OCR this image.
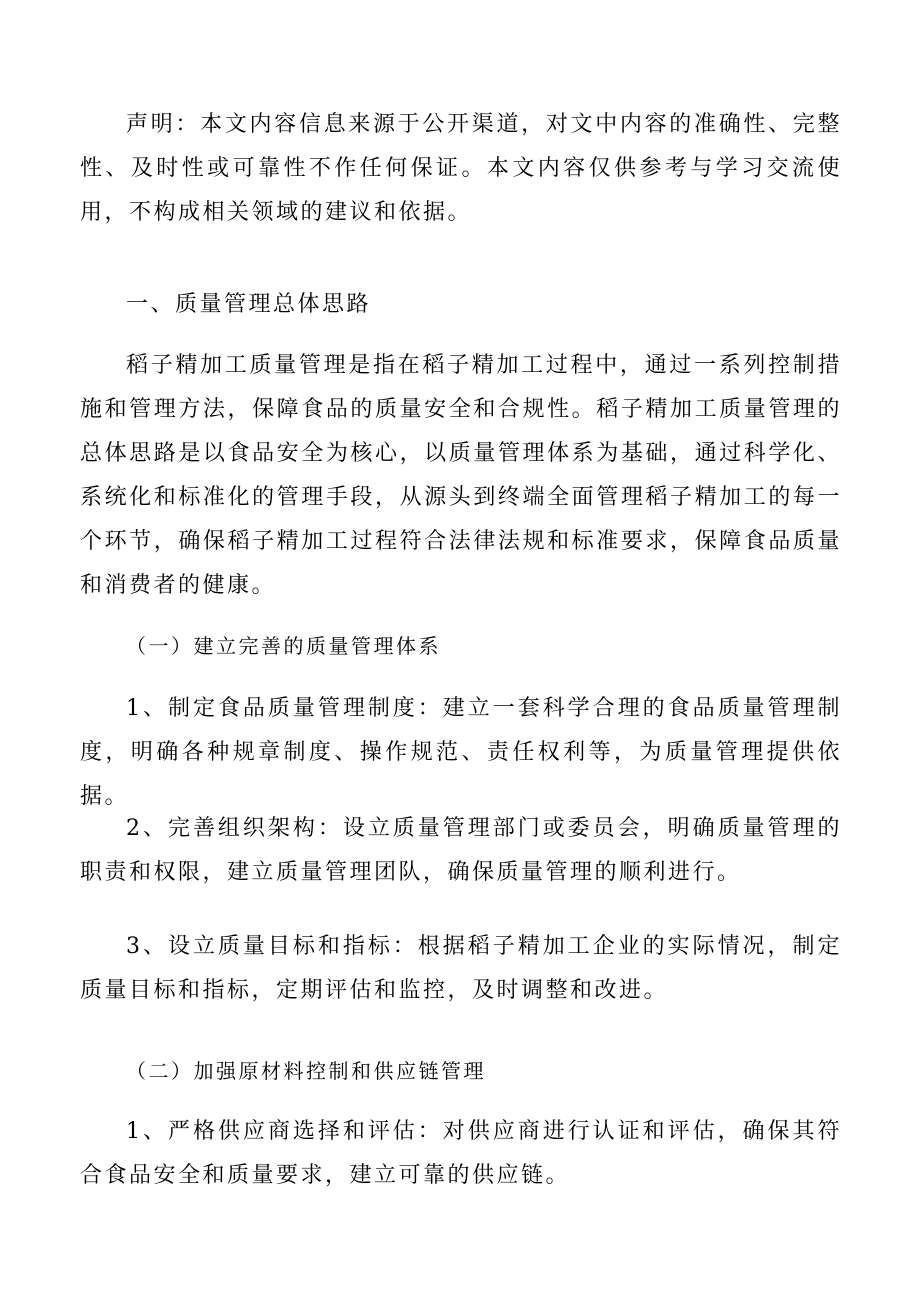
声明：本文内容信息来源于公开渠道，对文中内容的准确性、完整性、及时性或可靠性不作任何保证。本文内容仅供参考与学习交流使用，不构成相关领域的建议和依据。

一、质量管理总体思路

稻子精加工质量管理是指在稻子精加工过程中，通过一系列控制措施和管理方法，保障食品的质量安全和合规性。稻子精加工质量管理的总体思路是以食品安全为核心，以质量管理体系为基础，通过科学化、系统化和标准化的管理手段，从源头到终端全面管理稻子精加工的每一个环节，确保稻子精加工过程符合法律法规和标准要求，保障食品质量和消费者的健康。

（一）建立完善的质量管理体系

1、制定食品质量管理制度：建立一套科学合理的食品质量管理制度，明确各种规章制度、操作规范、责任权利等，为质量管理提供依据。

2、完善组织架构：设立质量管理部门或委员会，明确质量管理的职责和权限，建立质量管理团队，确保质量管理的顺利进行。

3、设立质量目标和指标：根据稻子精加工企业的实际情况，制定质量目标和指标，定期评估和监控，及时调整和改进。

（二）加强原材料控制和供应链管理

1、严格供应商选择和评估：对供应商进行认证和评估，确保其符合食品安全和质量要求，建立可靠的供应链。
